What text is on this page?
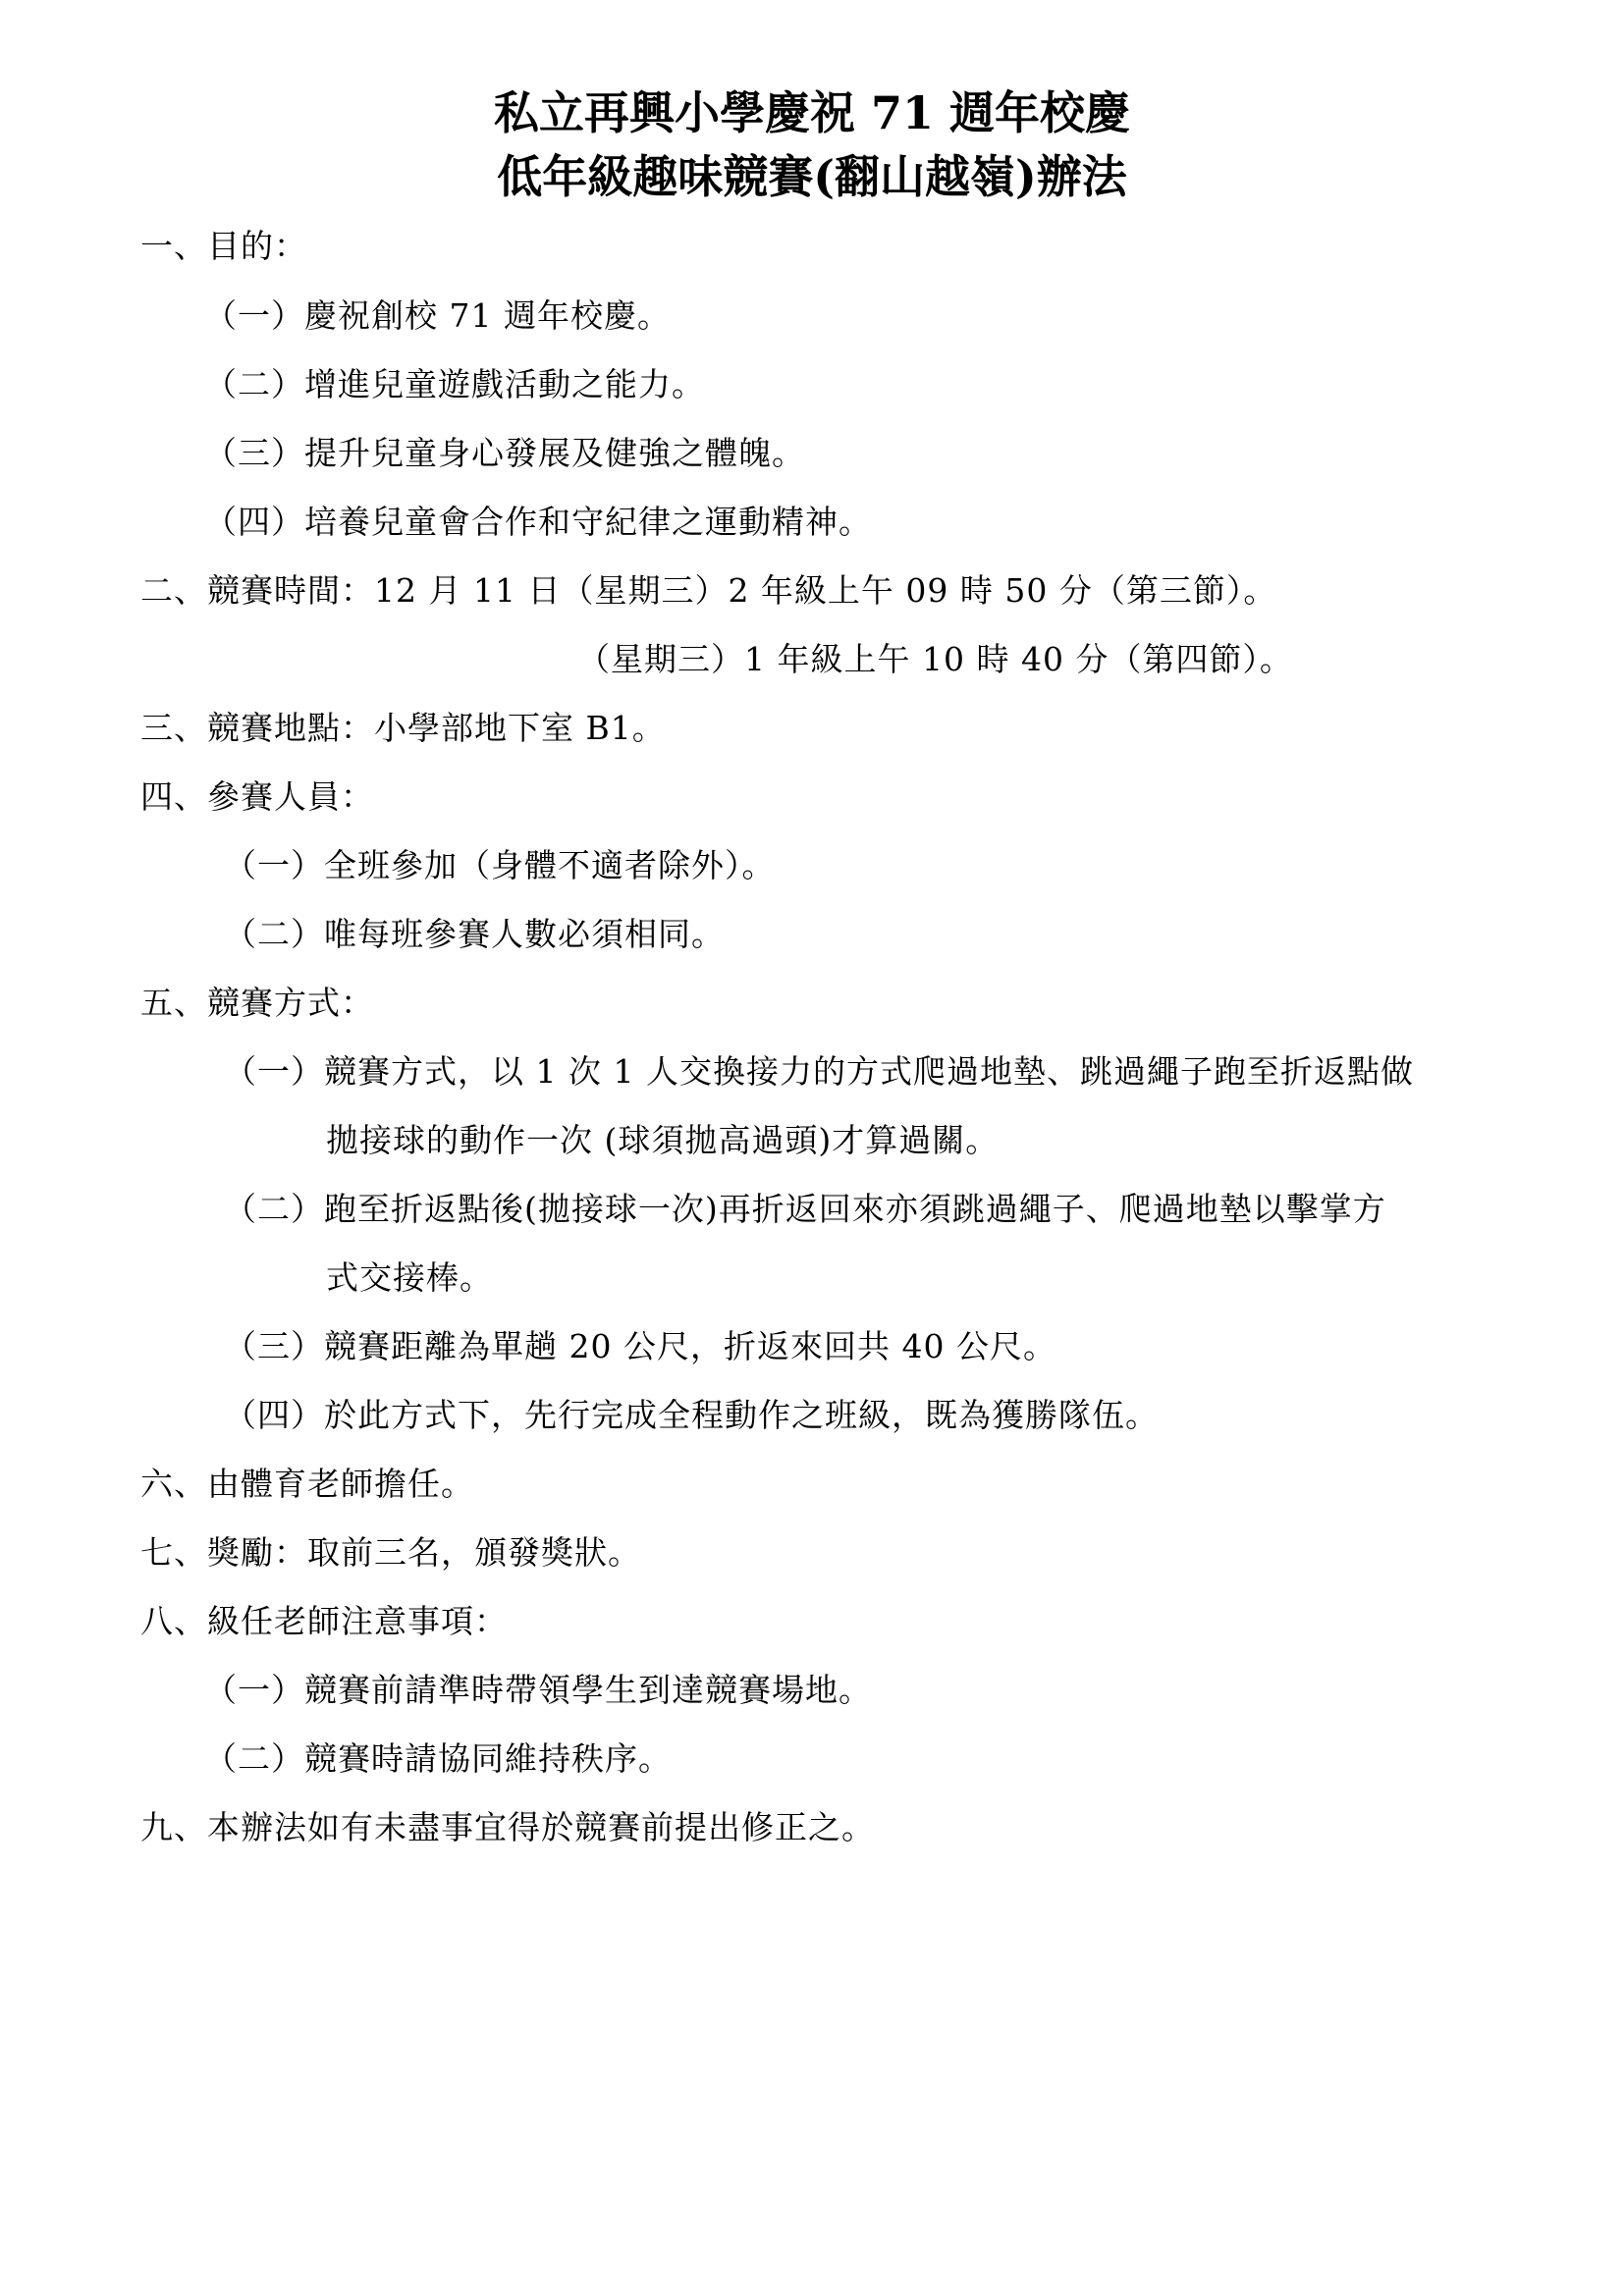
私立再興小學慶祝 71 週年校慶
低年級趣味競賽(翻山越嶺)辦法
一、目的：
（一）慶祝創校 71 週年校慶。
（二）增進兒童遊戲活動之能力。
（三）提升兒童身心發展及健強之體魄。
（四）培養兒童會合作和守紀律之運動精神。
二、競賽時間：12 月 11 日（星期三）2 年級上午 09 時 50 分（第三節）。
（星期三）1 年級上午 10 時 40 分（第四節）。
三、競賽地點：小學部地下室 B1。
四、參賽人員：
（一）全班參加（身體不適者除外）。
（二）唯每班參賽人數必須相同。
五、競賽方式：
（一）競賽方式，以 1 次 1 人交換接力的方式爬過地墊、跳過繩子跑至折返點做
拋接球的動作一次 (球須拋高過頭)才算過關。
（二）跑至折返點後(拋接球一次)再折返回來亦須跳過繩子、爬過地墊以擊掌方
式交接棒。
（三）競賽距離為單趟 20 公尺，折返來回共 40 公尺。
（四）於此方式下，先行完成全程動作之班級，既為獲勝隊伍。
六、由體育老師擔任。
七、獎勵：取前三名，頒發獎狀。
八、級任老師注意事項：
（一）競賽前請準時帶領學生到達競賽場地。
（二）競賽時請協同維持秩序。
九、本辦法如有未盡事宜得於競賽前提出修正之。
